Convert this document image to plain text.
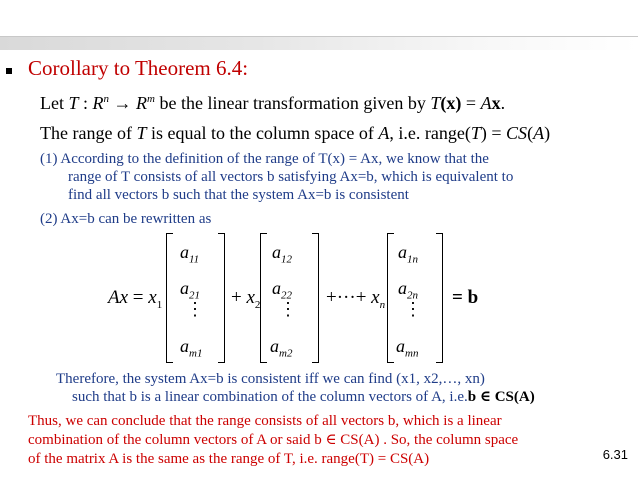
Corollary to Theorem 6.4:
Let T : $R^n \to R^m$ be the linear transformation given by T(x) = Ax.
The range of T is equal to the column space of A, i.e. range(T) = CS(A)
(1) According to the definition of the range of T(x) = Ax, we know that the
range of T consists of all vectors b satisfying Ax=b, which is equivalent to
find all vectors b such that the system Ax=b is consistent
(2) Ax=b can be rewritten as
$Ax = x_1$
$a_{11}$
$a_{21}$
⋮
$a_{m1}$
+ $x_2$
$a_{12}$
$a_{22}$
⋮
$a_{m2}$
+···+ $x_n$
$a_{1n}$
$a_{2n}$
⋮
$a_{mn}$
= b
Therefore, the system Ax=b is consistent iff we can find (x1, x2,…, xn)
such that b is a linear combination of the column vectors of A, i.e.b ∈ CS(A)
Thus, we can conclude that the range consists of all vectors b, which is a linear
combination of the column vectors of A or said b ∈ CS(A) . So, the column space
of the matrix A is the same as the range of T, i.e. range(T) = CS(A)	6.31
